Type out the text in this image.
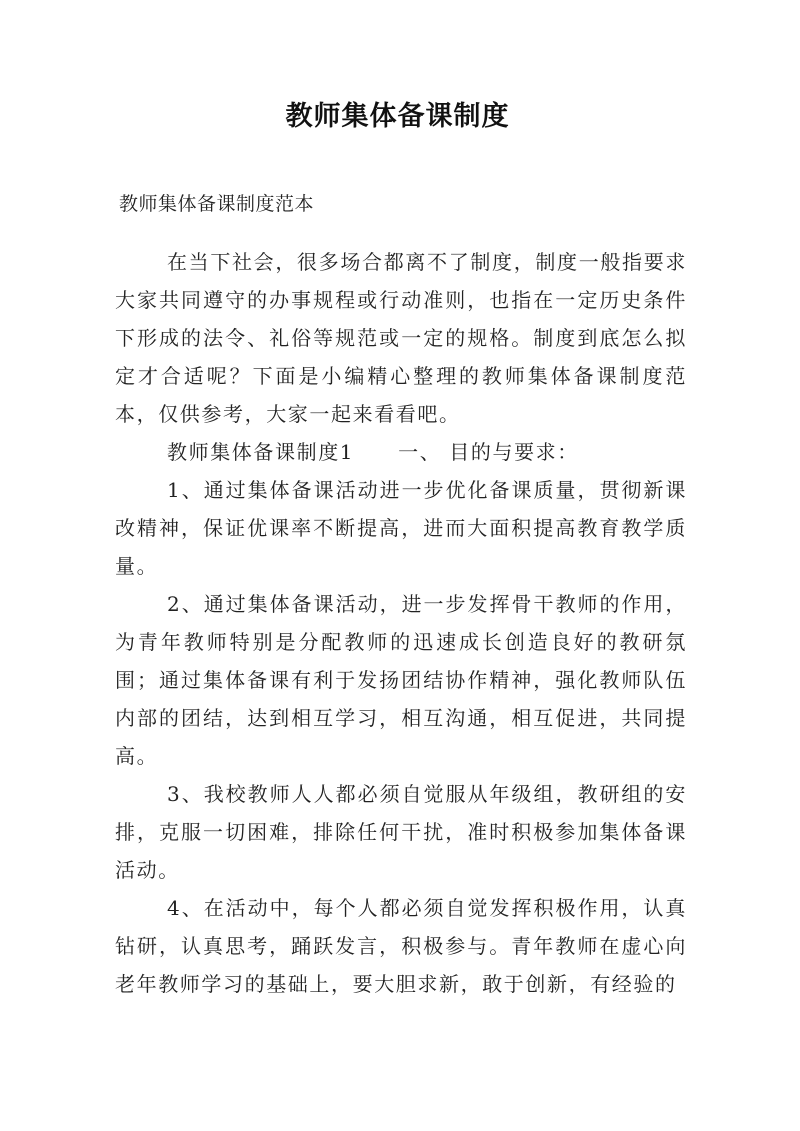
教师集体备课制度
教师集体备课制度范本

在当下社会，很多场合都离不了制度，制度一般指要求大家共同遵守的办事规程或行动准则，也指在一定历史条件下形成的法令、礼俗等规范或一定的规格。制度到底怎么拟定才合适呢？下面是小编精心整理的教师集体备课制度范本，仅供参考，大家一起来看看吧。

教师集体备课制度1 一、 目的与要求：

1、通过集体备课活动进一步优化备课质量，贯彻新课改精神，保证优课率不断提高，进而大面积提高教育教学质量。

2、通过集体备课活动，进一步发挥骨干教师的作用，为青年教师特别是分配教师的迅速成长创造良好的教研氛围；通过集体备课有利于发扬团结协作精神，强化教师队伍内部的团结，达到相互学习，相互沟通，相互促进，共同提高。

3、我校教师人人都必须自觉服从年级组，教研组的安排，克服一切困难，排除任何干扰，准时积极参加集体备课活动。

4、在活动中，每个人都必须自觉发挥积极作用，认真钻研，认真思考，踊跃发言，积极参与。青年教师在虚心向老年教师学习的基础上，要大胆求新，敢于创新，有经验的
